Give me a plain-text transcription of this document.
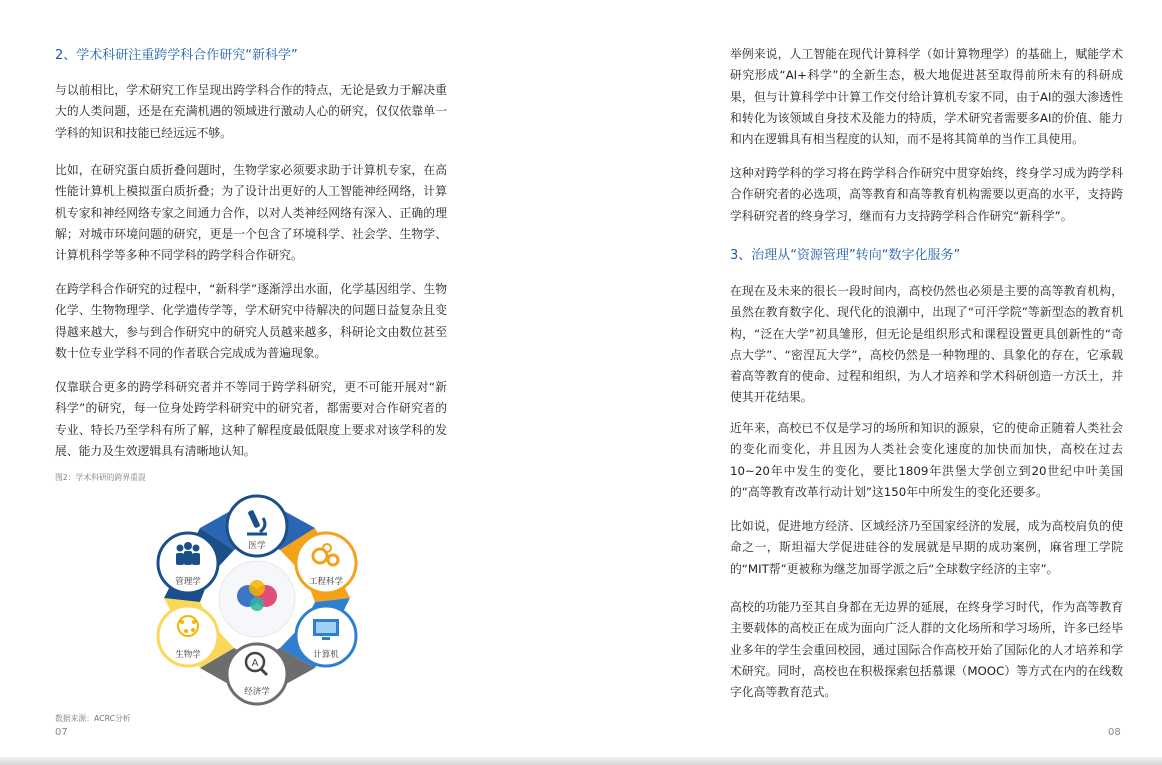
2、学术科研注重跨学科合作研究“新科学”

与以前相比，学术研究工作呈现出跨学科合作的特点，无论是致力于解决重大的人类问题，还是在充满机遇的领域进行激动人心的研究，仅仅依靠单一学科的知识和技能已经远远不够。

比如，在研究蛋白质折叠问题时，生物学家必须要求助于计算机专家，在高性能计算机上模拟蛋白质折叠；为了设计出更好的人工智能神经网络，计算机专家和神经网络专家之间通力合作，以对人类神经网络有深入、正确的理解；对城市环境问题的研究，更是一个包含了环境科学、社会学、生物学、计算机科学等多种不同学科的跨学科合作研究。

在跨学科合作研究的过程中，“新科学”逐渐浮出水面，化学基因组学、生物化学、生物物理学、化学遗传学等，学术研究中待解决的问题日益复杂且变得越来越大，参与到合作研究中的研究人员越来越多，科研论文由数位甚至数十位专业学科不同的作者联合完成成为普遍现象。

仅靠联合更多的跨学科研究者并不等同于跨学科研究，更不可能开展对“新科学”的研究，每一位身处跨学科研究中的研究者，都需要对合作研究者的专业、特长乃至学科有所了解，这种了解程度最低限度上要求对该学科的发展、能力及生效逻辑具有清晰地认知。

图2：学术科研的跨界重混
医学
工程科学
计算机
A
经济学
生物学
管理学
数据来源：ACRC分析
07

举例来说，人工智能在现代计算科学（如计算物理学）的基础上，赋能学术研究形成“AI+科学”的全新生态，极大地促进甚至取得前所未有的科研成果，但与计算科学中计算工作交付给计算机专家不同，由于AI的强大渗透性和转化为该领域自身技术及能力的特质，学术研究者需要多AI的价值、能力和内在逻辑具有相当程度的认知，而不是将其简单的当作工具使用。

这种对跨学科的学习将在跨学科合作研究中贯穿始终，终身学习成为跨学科合作研究者的必选项，高等教育和高等教育机构需要以更高的水平，支持跨学科研究者的终身学习，继而有力支持跨学科合作研究“新科学”。

3、治理从“资源管理”转向“数字化服务”

在现在及未来的很长一段时间内，高校仍然也必须是主要的高等教育机构，虽然在教育数字化、现代化的浪潮中，出现了“可汗学院”等新型态的教育机构，“泛在大学”初具雏形，但无论是组织形式和课程设置更具创新性的“奇点大学”、“密涅瓦大学”，高校仍然是一种物理的、具象化的存在，它承载着高等教育的使命、过程和组织，为人才培养和学术科研创造一方沃土，并使其开花结果。

近年来，高校已不仅是学习的场所和知识的源泉，它的使命正随着人类社会的变化而变化，并且因为人类社会变化速度的加快而加快，高校在过去10~20年中发生的变化，要比1809年洪堡大学创立到20世纪中叶美国的“高等教育改革行动计划”这150年中所发生的变化还要多。

比如说，促进地方经济、区域经济乃至国家经济的发展，成为高校肩负的使命之一，斯坦福大学促进硅谷的发展就是早期的成功案例，麻省理工学院的“MIT帮”更被称为继芝加哥学派之后“全球数字经济的主宰”。

高校的功能乃至其自身都在无边界的延展，在终身学习时代，作为高等教育主要载体的高校正在成为面向广泛人群的文化场所和学习场所，许多已经毕业多年的学生会重回校园，通过国际合作高校开始了国际化的人才培养和学术研究。同时，高校也在积极探索包括慕课（MOOC）等方式在内的在线数字化高等教育范式。

08
